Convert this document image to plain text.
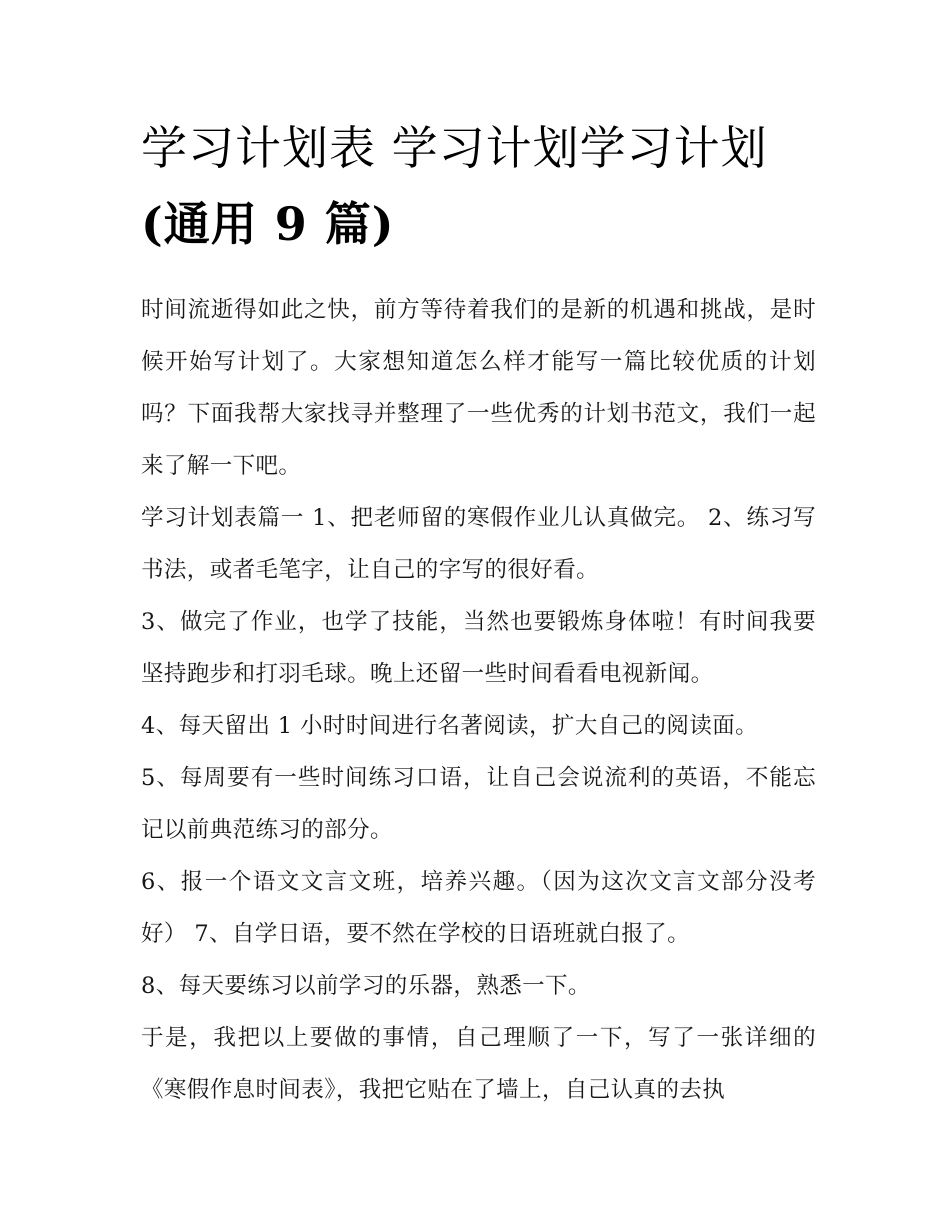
学习计划表 学习计划学习计划
(通用 9 篇)

时间流逝得如此之快，前方等待着我们的是新的机遇和挑战，是时候开始写计划了。大家想知道怎么样才能写一篇比较优质的计划吗？下面我帮大家找寻并整理了一些优秀的计划书范文，我们一起来了解一下吧。

学习计划表篇一 1、把老师留的寒假作业儿认真做完。 2、练习写书法，或者毛笔字，让自己的字写的很好看。

3、做完了作业，也学了技能，当然也要锻炼身体啦！有时间我要坚持跑步和打羽毛球。晚上还留一些时间看看电视新闻。

4、每天留出 1 小时时间进行名著阅读，扩大自己的阅读面。

5、每周要有一些时间练习口语，让自己会说流利的英语，不能忘记以前典范练习的部分。

6、报一个语文文言文班，培养兴趣。（因为这次文言文部分没考好） 7、自学日语，要不然在学校的日语班就白报了。

8、每天要练习以前学习的乐器，熟悉一下。

于是，我把以上要做的事情，自己理顺了一下，写了一张详细的《寒假作息时间表》，我把它贴在了墙上，自己认真的去执
